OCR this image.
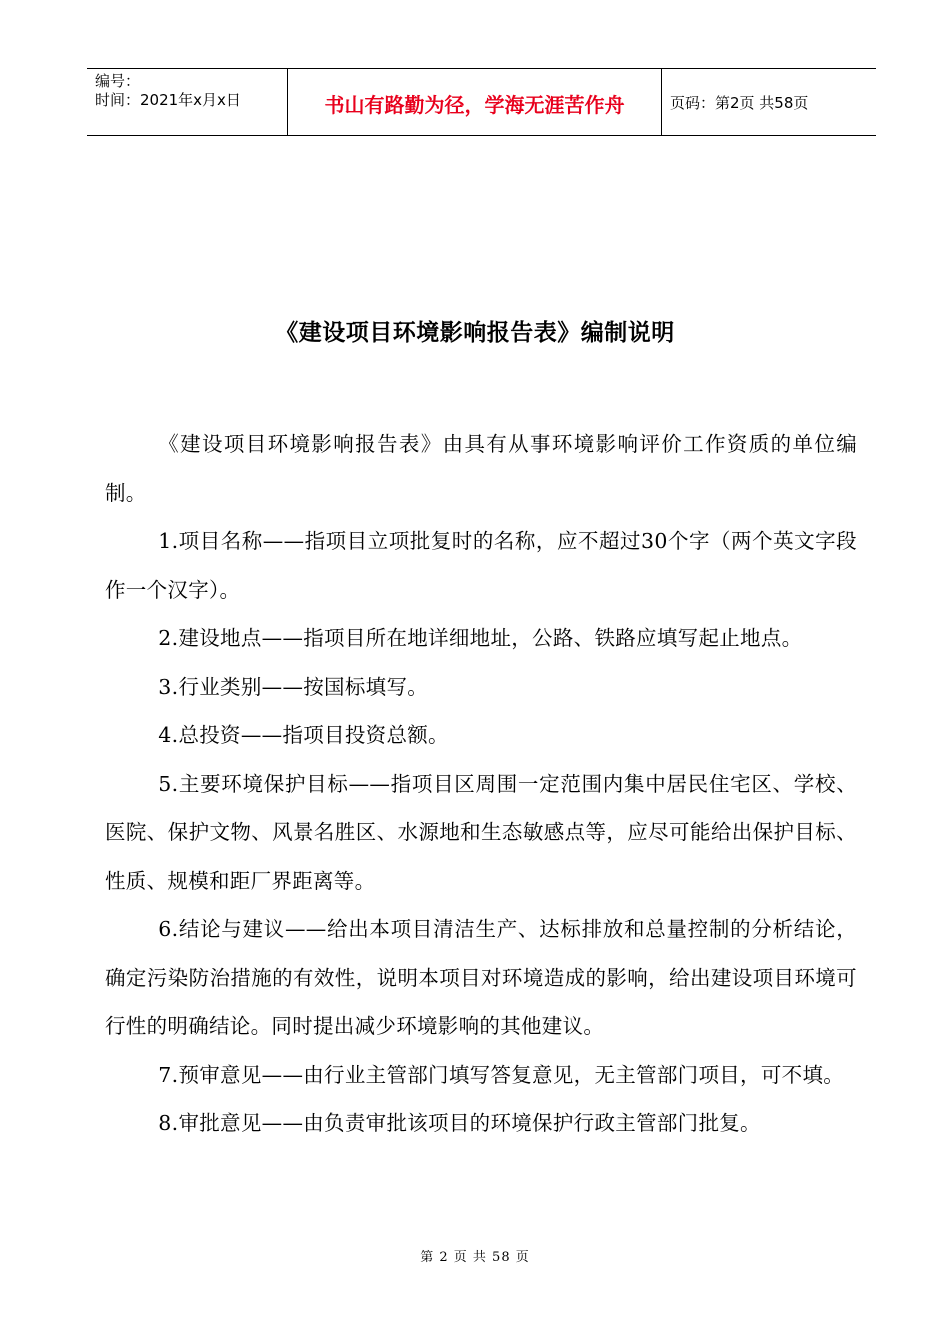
编号：
时间：2021年x月x日	书山有路勤为径，学海无涯苦作舟	页码：第2页 共58页
《建设项目环境影响报告表》编制说明

《建设项目环境影响报告表》由具有从事环境影响评价工作资质的单位编制。

1.项目名称——指项目立项批复时的名称，应不超过30个字（两个英文字段作一个汉字）。

2.建设地点——指项目所在地详细地址，公路、铁路应填写起止地点。

3.行业类别——按国标填写。

4.总投资——指项目投资总额。

5.主要环境保护目标——指项目区周围一定范围内集中居民住宅区、学校、医院、保护文物、风景名胜区、水源地和生态敏感点等，应尽可能给出保护目标、性质、规模和距厂界距离等。

6.结论与建议——给出本项目清洁生产、达标排放和总量控制的分析结论，确定污染防治措施的有效性，说明本项目对环境造成的影响，给出建设项目环境可行性的明确结论。同时提出减少环境影响的其他建议。

7.预审意见——由行业主管部门填写答复意见，无主管部门项目，可不填。

8.审批意见——由负责审批该项目的环境保护行政主管部门批复。

第 2 页 共 58 页
